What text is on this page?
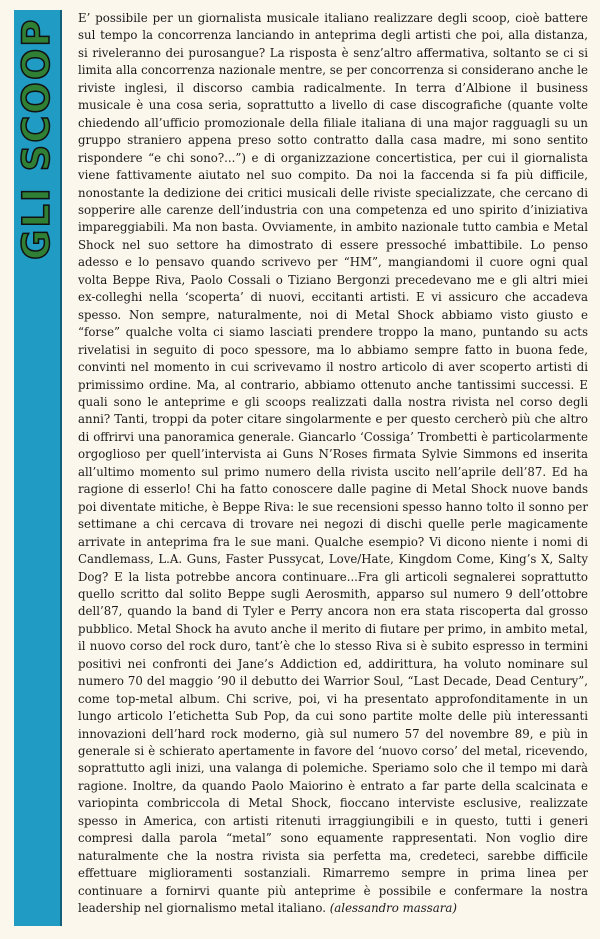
GLI SCOOP	E’ possibile per un giornalista musicale italiano realizzare degli scoop, cioè battere sul tempo la concorrenza lanciando in anteprima degli artisti che poi, alla distanza, si riveleranno dei purosangue? La risposta è senz’altro affermativa, soltanto se ci si limita alla concorrenza nazionale mentre, se per concorrenza si considerano anche le riviste inglesi, il discorso cambia radicalmente. In terra d’Albione il business musicale è una cosa seria, soprattutto a livello di case discografiche (quante volte chiedendo all’ufficio promozionale della filiale italiana di una major ragguagli su un gruppo straniero appena preso sotto contratto dalla casa madre, mi sono sentito rispondere “e chi sono?...”) e di organizzazione concertistica, per cui il giornalista viene fattivamente aiutato nel suo compito. Da noi la faccenda si fa più difficile, nonostante la dedizione dei critici musicali delle riviste specializzate, che cercano di sopperire alle carenze dell’industria con una competenza ed uno spirito d’iniziativa impareggiabili. Ma non basta. Ovviamente, in ambito nazionale tutto cambia e Metal Shock nel suo settore ha dimostrato di essere pressoché imbattibile. Lo penso adesso e lo pensavo quando scrivevo per “HM”, mangiandomi il cuore ogni qual volta Beppe Riva, Paolo Cossali o Tiziano Bergonzi precedevano me e gli altri miei ex-colleghi nella ‘scoperta’ di nuovi, eccitanti artisti. E vi assicuro che accadeva spesso. Non sempre, naturalmente, noi di Metal Shock abbiamo visto giusto e “forse” qualche volta ci siamo lasciati prendere troppo la mano, puntando su acts rivelatisi in seguito di poco spessore, ma lo abbiamo sempre fatto in buona fede, convinti nel momento in cui scrivevamo il nostro articolo di aver scoperto artisti di primissimo ordine. Ma, al contrario, abbiamo ottenuto anche tantissimi successi. E quali sono le anteprime e gli scoops realizzati dalla nostra rivista nel corso degli anni? Tanti, troppi da poter citare singolarmente e per questo cercherò più che altro di offrirvi una panoramica generale. Giancarlo ‘Cossiga’ Trombetti è particolarmente orgoglioso per quell’intervista ai Guns N’Roses firmata Sylvie Simmons ed inserita all’ultimo momento sul primo numero della rivista uscito nell’aprile dell’87. Ed ha ragione di esserlo! Chi ha fatto conoscere dalle pagine di Metal Shock nuove bands poi diventate mitiche, è Beppe Riva: le sue recensioni spesso hanno tolto il sonno per settimane a chi cercava di trovare nei negozi di dischi quelle perle magicamente arrivate in anteprima fra le sue mani. Qualche esempio? Vi dicono niente i nomi di Candlemass, L.A. Guns, Faster Pussycat, Love/Hate, Kingdom Come, King’s X, Salty Dog? E la lista potrebbe ancora continuare...Fra gli articoli segnalerei soprattutto quello scritto dal solito Beppe sugli Aerosmith, apparso sul numero 9 dell’ottobre dell’87, quando la band di Tyler e Perry ancora non era stata riscoperta dal grosso pubblico. Metal Shock ha avuto anche il merito di fiutare per primo, in ambito metal, il nuovo corso del rock duro, tant’è che lo stesso Riva si è subito espresso in termini positivi nei confronti dei Jane’s Addiction ed, addirittura, ha voluto nominare sul numero 70 del maggio ’90 il debutto dei Warrior Soul, “Last Decade, Dead Century”, come top-metal album. Chi scrive, poi, vi ha presentato approfonditamente in un lungo articolo l’etichetta Sub Pop, da cui sono partite molte delle più interessanti innovazioni dell’hard rock moderno, già sul numero 57 del novembre 89, e più in generale si è schierato apertamente in favore del ‘nuovo corso’ del metal, ricevendo, soprattutto agli inizi, una valanga di polemiche. Speriamo solo che il tempo mi darà ragione. Inoltre, da quando Paolo Maiorino è entrato a far parte della scalcinata e variopinta combriccola di Metal Shock, fioccano interviste esclusive, realizzate spesso in America, con artisti ritenuti irraggiungibili e in questo, tutti i generi compresi dalla parola “metal” sono equamente rappresentati. Non voglio dire naturalmente che la nostra rivista sia perfetta ma, credeteci, sarebbe difficile effettuare miglioramenti sostanziali. Rimarremo sempre in prima linea per continuare a fornirvi quante più anteprime è possibile e confermare la nostra leadership nel giornalismo metal italiano. (alessandro massara)
